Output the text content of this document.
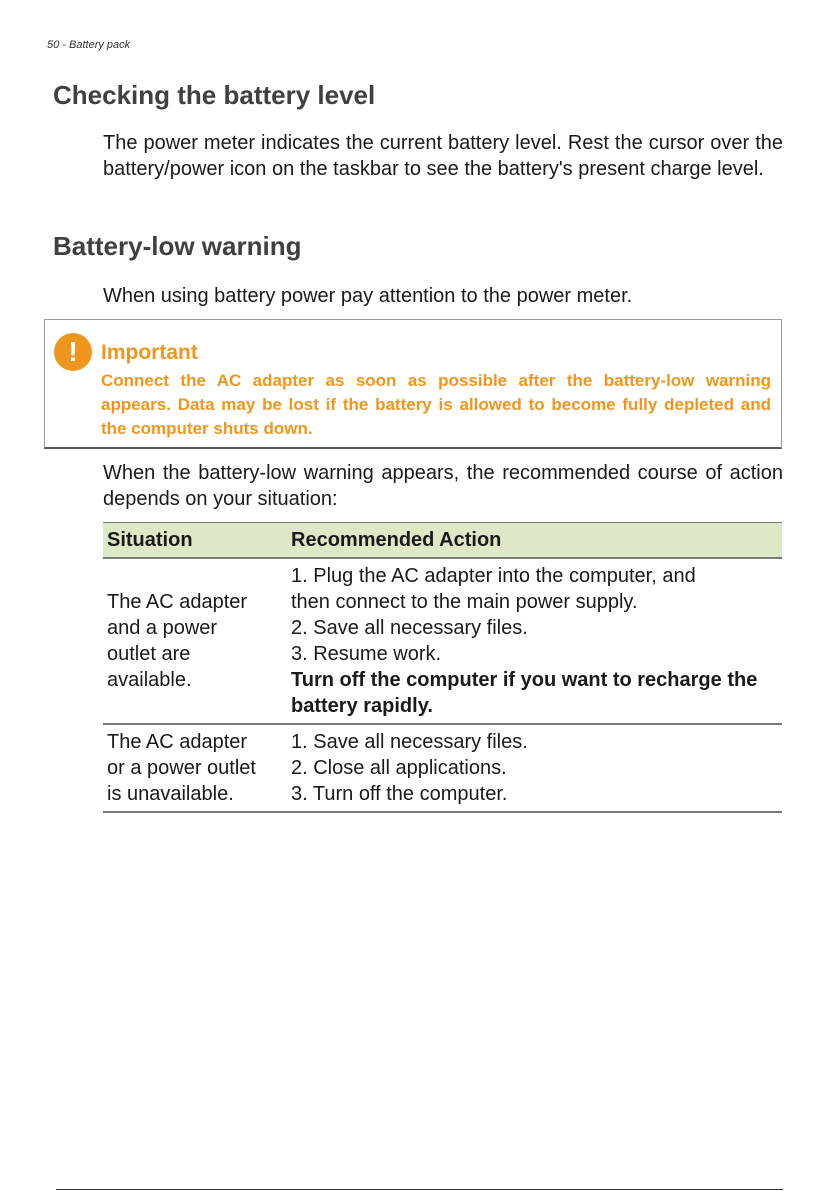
50 - Battery pack
Checking the battery level

The power meter indicates the current battery level. Rest the cursor over the battery/power icon on the taskbar to see the battery's present charge level.

Battery-low warning

When using battery power pay attention to the power meter.

!	Important
Connect the AC adapter as soon as possible after the battery-low warning appears. Data may be lost if the battery is allowed to become fully depleted and the computer shuts down.

When the battery-low warning appears, the recommended course of action depends on your situation:

Situation	Recommended Action

The AC adapter
and a power
outlet are
available.	1. Plug the AC adapter into the computer, and
then connect to the main power supply.
2. Save all necessary files.
3. Resume work.
Turn off the computer if you want to recharge the battery rapidly.

The AC adapter
or a power outlet
is unavailable.	1. Save all necessary files.
2. Close all applications.
3. Turn off the computer.
